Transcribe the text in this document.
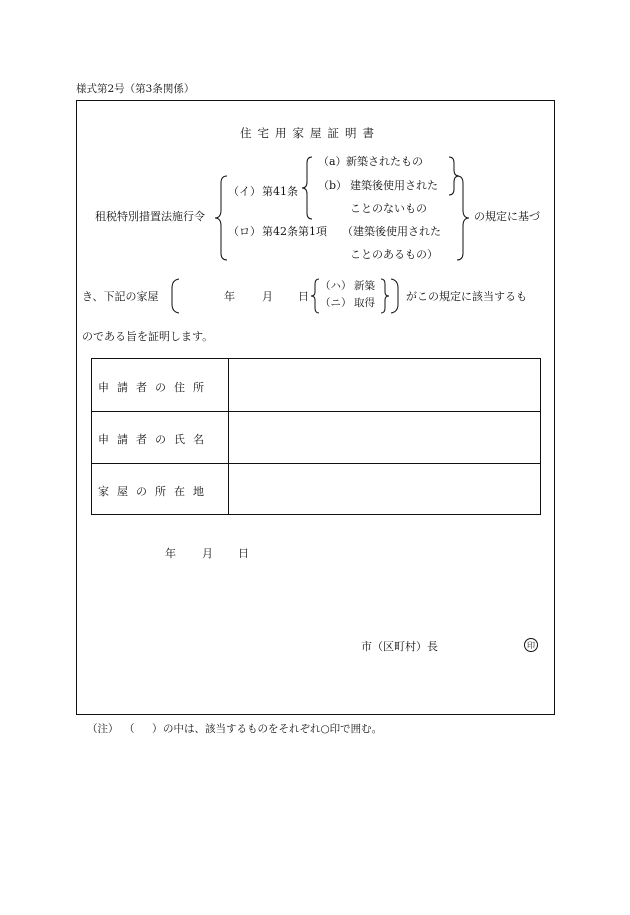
様式第2号（第3条関係）
住宅用家屋証明書
租税特別措置法施行令
（イ） 第41条
（a） 新築されたもの
（b） 建築後使用された
ことのないもの
（ロ） 第42条第1項 （建築後使用された
ことのあるもの）
の規定に基づ
き、下記の家屋	年 月 日
（ハ） 新築
（ニ） 取得	がこの規定に該当するも
のである旨を証明します。
申請者の住所
申請者の氏名
家屋の所在地
年 月 日
市（区町村）長	印
（注） （ ） の中は、該当するものをそれぞれ○印で囲む。
